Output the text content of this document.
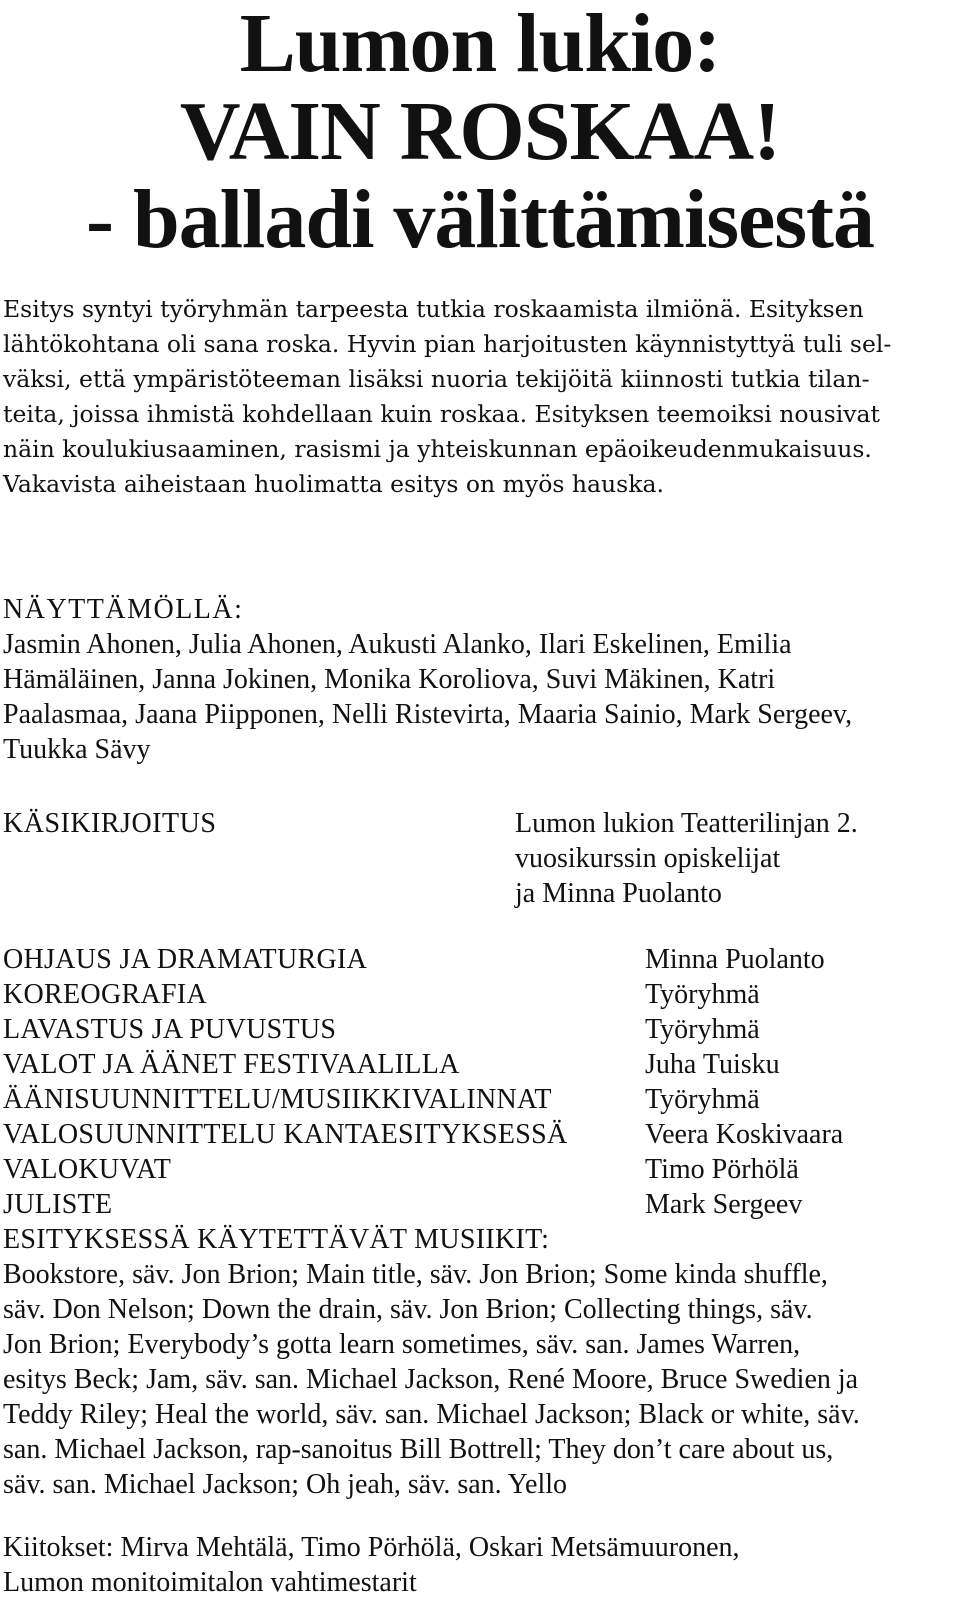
Lumon lukio:
VAIN ROSKAA!
- balladi välittämisestä

Esitys syntyi työryhmän tarpeesta tutkia roskaamista ilmiönä. Esityksen
lähtökohtana oli sana roska. Hyvin pian harjoitusten käynnistyttyä tuli sel-
väksi, että ympäristöteeman lisäksi nuoria tekijöitä kiinnosti tutkia tilan-
teita, joissa ihmistä kohdellaan kuin roskaa. Esityksen teemoiksi nousivat
näin koulukiusaaminen, rasismi ja yhteiskunnan epäoikeudenmukaisuus.
Vakavista aiheistaan huolimatta esitys on myös hauska.

NÄYTTÄMÖLLÄ:

Jasmin Ahonen, Julia Ahonen, Aukusti Alanko, Ilari Eskelinen, Emilia
Hämäläinen, Janna Jokinen, Monika Koroliova, Suvi Mäkinen, Katri
Paalasmaa, Jaana Piipponen, Nelli Ristevirta, Maaria Sainio, Mark Sergeev,
Tuukka Sävy

KÄSIKIRJOITUS	Lumon lukion Teatterilinjan 2.
vuosikurssin opiskelijat
ja Minna Puolanto
OHJAUS JA DRAMATURGIA	Minna Puolanto
KOREOGRAFIA	Työryhmä
LAVASTUS JA PUVUSTUS	Työryhmä
VALOT JA ÄÄNET FESTIVAALILLA	Juha Tuisku
ÄÄNISUUNNITTELU/MUSIIKKIVALINNAT	Työryhmä
VALOSUUNNITTELU KANTAESITYKSESSÄ	Veera Koskivaara
VALOKUVAT	Timo Pörhölä
JULISTE	Mark Sergeev
ESITYKSESSÄ KÄYTETTÄVÄT MUSIIKIT:

Bookstore, säv. Jon Brion; Main title, säv. Jon Brion; Some kinda shuffle,
säv. Don Nelson; Down the drain, säv. Jon Brion; Collecting things, säv.
Jon Brion; Everybody’s gotta learn sometimes, säv. san. James Warren,
esitys Beck; Jam, säv. san. Michael Jackson, René Moore, Bruce Swedien ja
Teddy Riley; Heal the world, säv. san. Michael Jackson; Black or white, säv.
san. Michael Jackson, rap-sanoitus Bill Bottrell; They don’t care about us,
säv. san. Michael Jackson; Oh jeah, säv. san. Yello

Kiitokset: Mirva Mehtälä, Timo Pörhölä, Oskari Metsämuuronen,
Lumon monitoimitalon vahtimestarit
